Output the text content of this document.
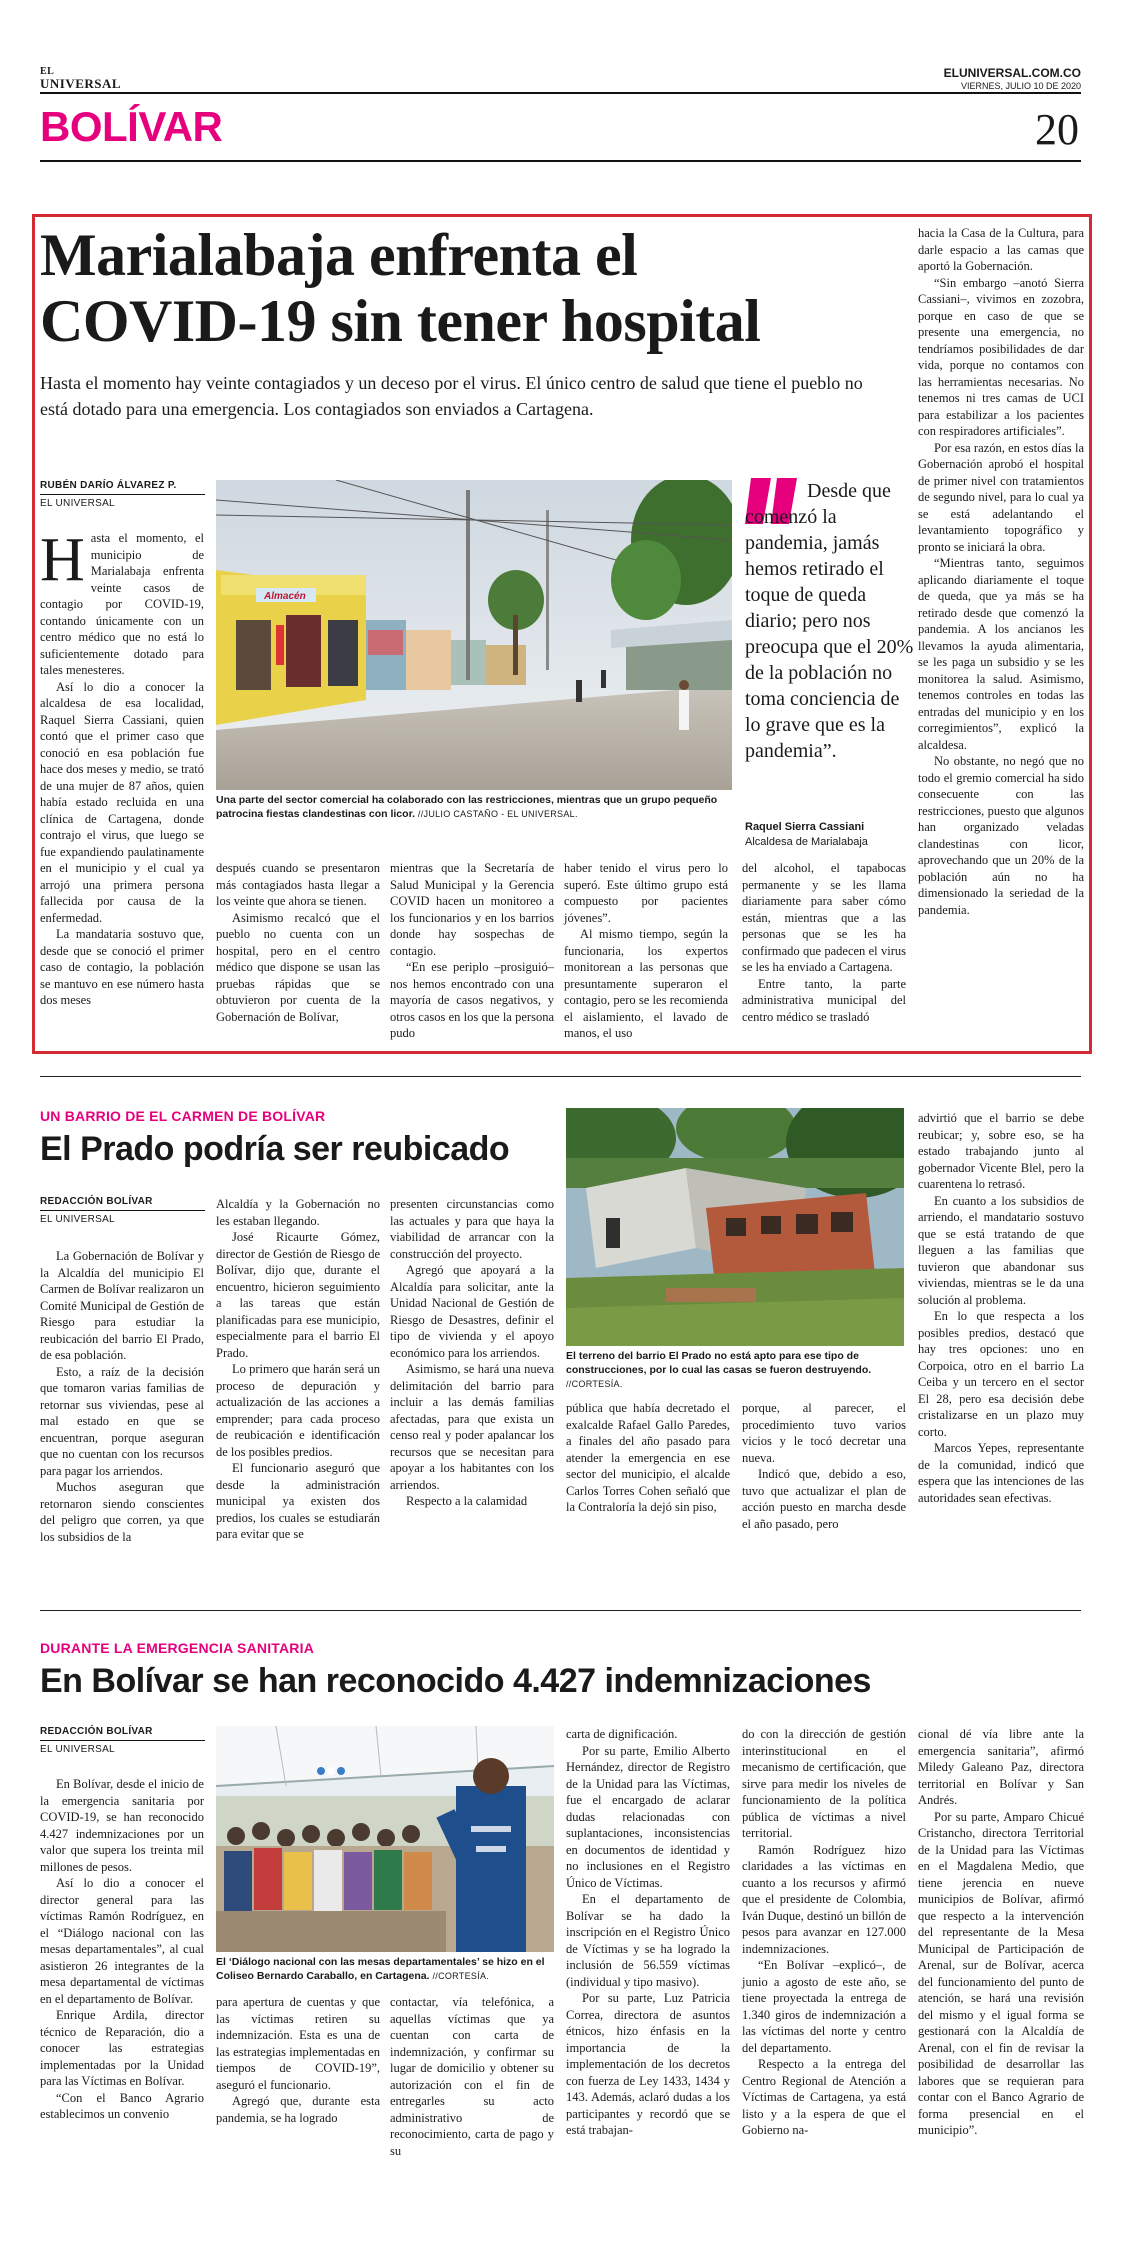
EL
UNIVERSAL
ELUNIVERSAL.COM.CO
VIERNES, JULIO 10 DE 2020
BOLÍVAR	20
Marialabaja enfrenta el
COVID-19 sin tener hospital

Hasta el momento hay veinte contagiados y un deceso por el virus. El único centro de salud que tiene el pueblo no está dotado para una emergencia. Los contagiados son enviados a Cartagena.

RUBÉN DARÍO ÁLVAREZ P.
EL UNIVERSAL

Hasta el momento, el municipio de Marialabaja enfrenta veinte casos de contagio por COVID-19, contando únicamente con un centro médico que no está lo suficientemente dotado para tales menesteres.

Así lo dio a conocer la alcaldesa de esa localidad, Raquel Sierra Cassiani, quien contó que el primer caso que conoció en esa población fue hace dos meses y medio, se trató de una mujer de 87 años, quien había estado recluida en una clínica de Cartagena, donde contrajo el virus, que luego se fue expandiendo paulatinamente en el municipio y el cual ya arrojó una primera persona fallecida por causa de la enfermedad.

La mandataria sostuvo que, desde que se conoció el primer caso de contagio, la población se mantuvo en ese número hasta dos meses

Almacén
Una parte del sector comercial ha colaborado con las restricciones, mientras que un grupo pequeño patrocina fiestas clandestinas con licor. //JULIO CASTAÑO - EL UNIVERSAL.
Desde que comenzó la pandemia, jamás hemos retirado el toque de queda diario; pero nos preocupa que el 20% de la población no toma conciencia de lo grave que es la pandemia”.
Raquel Sierra Cassiani
Alcaldesa de Marialabaja

después cuando se presentaron más contagiados hasta llegar a los veinte que ahora se tienen.

Asimismo recalcó que el pueblo no cuenta con un hospital, pero en el centro médico que dispone se usan las pruebas rápidas que se obtuvieron por cuenta de la Gobernación de Bolívar,

mientras que la Secretaría de Salud Municipal y la Gerencia COVID hacen un monitoreo a los funcionarios y en los barrios donde hay sospechas de contagio.

“En ese periplo –prosiguió– nos hemos encontrado con una mayoría de casos negativos, y otros casos en los que la persona pudo

haber tenido el virus pero lo superó. Este último grupo está compuesto por pacientes jóvenes”.

Al mismo tiempo, según la funcionaria, los expertos monitorean a las personas que presuntamente superaron el contagio, pero se les recomienda el aislamiento, el lavado de manos, el uso

del alcohol, el tapabocas permanente y se les llama diariamente para saber cómo están, mientras que a las personas que se les ha confirmado que padecen el virus se les ha enviado a Cartagena.

Entre tanto, la parte administrativa municipal del centro médico se trasladó

hacia la Casa de la Cultura, para darle espacio a las camas que aportó la Gobernación.

“Sin embargo –anotó Sierra Cassiani–, vivimos en zozobra, porque en caso de que se presente una emergencia, no tendríamos posibilidades de dar vida, porque no contamos con las herramientas necesarias. No tenemos ni tres camas de UCI para estabilizar a los pacientes con respiradores artificiales”.

Por esa razón, en estos días la Gobernación aprobó el hospital de primer nivel con tratamientos de segundo nivel, para lo cual ya se está adelantando el levantamiento topográfico y pronto se iniciará la obra.

“Mientras tanto, seguimos aplicando diariamente el toque de queda, que ya más se ha retirado desde que comenzó la pandemia. A los ancianos les llevamos la ayuda alimentaria, se les paga un subsidio y se les monitorea la salud. Asimismo, tenemos controles en todas las entradas del municipio y en los corregimientos”, explicó la alcaldesa.

No obstante, no negó que no todo el gremio comercial ha sido consecuente con las restricciones, puesto que algunos han organizado veladas clandestinas con licor, aprovechando que un 20% de la población aún no ha dimensionado la seriedad de la pandemia.

UN BARRIO DE EL CARMEN DE BOLÍVAR
El Prado podría ser reubicado
REDACCIÓN BOLÍVAR
EL UNIVERSAL

La Gobernación de Bolívar y la Alcaldía del municipio El Carmen de Bolívar realizaron un Comité Municipal de Gestión de Riesgo para estudiar la reubicación del barrio El Prado, de esa población.

Esto, a raíz de la decisión que tomaron varias familias de retornar sus viviendas, pese al mal estado en que se encuentran, porque aseguran que no cuentan con los recursos para pagar los arriendos.

Muchos aseguran que retornaron siendo conscientes del peligro que corren, ya que los subsidios de la

Alcaldía y la Gobernación no les estaban llegando.

José Ricaurte Gómez, director de Gestión de Riesgo de Bolívar, dijo que, durante el encuentro, hicieron seguimiento a las tareas que están planificadas para ese municipio, especialmente para el barrio El Prado.

Lo primero que harán será un proceso de depuración y actualización de las acciones a emprender; para cada proceso de reubicación e identificación de los posibles predios.

El funcionario aseguró que desde la administración municipal ya existen dos predios, los cuales se estudiarán para evitar que se

presenten circunstancias como las actuales y para que haya la viabilidad de arrancar con la construcción del proyecto.

Agregó que apoyará a la Alcaldía para solicitar, ante la Unidad Nacional de Gestión de Riesgo de Desastres, definir el tipo de vivienda y el apoyo económico para los arriendos.

Asimismo, se hará una nueva delimitación del barrio para incluir a las demás familias afectadas, para que exista un censo real y poder apalancar los recursos que se necesitan para apoyar a los habitantes con los arriendos.

Respecto a la calamidad

El terreno del barrio El Prado no está apto para ese tipo de construcciones, por lo cual las casas se fueron destruyendo.
//CORTESÍA.

pública que había decretado el exalcalde Rafael Gallo Paredes, a finales del año pasado para atender la emergencia en ese sector del municipio, el alcalde Carlos Torres Cohen señaló que la Contraloría la dejó sin piso,

porque, al parecer, el procedimiento tuvo varios vicios y le tocó decretar una nueva.

Indicó que, debido a eso, tuvo que actualizar el plan de acción puesto en marcha desde el año pasado, pero

advirtió que el barrio se debe reubicar; y, sobre eso, se ha estado trabajando junto al gobernador Vicente Blel, pero la cuarentena lo retrasó.

En cuanto a los subsidios de arriendo, el mandatario sostuvo que se está tratando de que lleguen a las familias que tuvieron que abandonar sus viviendas, mientras se le da una solución al problema.

En lo que respecta a los posibles predios, destacó que hay tres opciones: uno en Corpoica, otro en el barrio La Ceiba y un tercero en el sector El 28, pero esa decisión debe cristalizarse en un plazo muy corto.

Marcos Yepes, representante de la comunidad, indicó que espera que las intenciones de las autoridades sean efectivas.

DURANTE LA EMERGENCIA SANITARIA
En Bolívar se han reconocido 4.427 indemnizaciones
REDACCIÓN BOLÍVAR
EL UNIVERSAL

En Bolívar, desde el inicio de la emergencia sanitaria por COVID-19, se han reconocido 4.427 indemnizaciones por un valor que supera los treinta mil millones de pesos.

Así lo dio a conocer el director general para las víctimas Ramón Rodríguez, en el “Diálogo nacional con las mesas departamentales”, al cual asistieron 26 integrantes de la mesa departamental de víctimas en el departamento de Bolívar.

Enrique Ardila, director técnico de Reparación, dio a conocer las estrategias implementadas por la Unidad para las Víctimas en Bolívar.

“Con el Banco Agrario establecimos un convenio

El ‘Diálogo nacional con las mesas departamentales’ se hizo en el Coliseo Bernardo Caraballo, en Cartagena. //CORTESÍA.

para apertura de cuentas y que las víctimas retiren su indemnización. Esta es una de las estrategias implementadas en tiempos de COVID-19”, aseguró el funcionario.

Agregó que, durante esta pandemia, se ha logrado

contactar, vía telefónica, a aquellas víctimas que ya cuentan con carta de indemnización, y confirmar su lugar de domicilio y obtener su autorización con el fin de entregarles su acto administrativo de reconocimiento, carta de pago y su

carta de dignificación.

Por su parte, Emilio Alberto Hernández, director de Registro de la Unidad para las Víctimas, fue el encargado de aclarar dudas relacionadas con suplantaciones, inconsistencias en documentos de identidad y no inclusiones en el Registro Único de Víctimas.

En el departamento de Bolívar se ha dado la inscripción en el Registro Único de Víctimas y se ha logrado la inclusión de 56.559 víctimas (individual y tipo masivo).

Por su parte, Luz Patricia Correa, directora de asuntos étnicos, hizo énfasis en la importancia de la implementación de los decretos con fuerza de Ley 1433, 1434 y 143. Además, aclaró dudas a los participantes y recordó que se está trabajan-

do con la dirección de gestión interinstitucional en el mecanismo de certificación, que sirve para medir los niveles de funcionamiento de la política pública de víctimas a nivel territorial.

Ramón Rodríguez hizo claridades a las víctimas en cuanto a los recursos y afirmó que el presidente de Colombia, Iván Duque, destinó un billón de pesos para avanzar en 127.000 indemnizaciones.

“En Bolívar –explicó–, de junio a agosto de este año, se tiene proyectada la entrega de 1.340 giros de indemnización a las víctimas del norte y centro del departamento.

Respecto a la entrega del Centro Regional de Atención a Víctimas de Cartagena, ya está listo y a la espera de que el Gobierno na-

cional dé vía libre ante la emergencia sanitaria”, afirmó Miledy Galeano Paz, directora territorial en Bolívar y San Andrés.

Por su parte, Amparo Chicué Cristancho, directora Territorial de la Unidad para las Víctimas en el Magdalena Medio, que tiene jerencia en nueve municipios de Bolívar, afirmó que respecto a la intervención del representante de la Mesa Municipal de Participación de Arenal, sur de Bolívar, acerca del funcionamiento del punto de atención, se hará una revisión del mismo y el igual forma se gestionará con la Alcaldía de Arenal, con el fin de revisar la posibilidad de desarrollar las labores que se requieran para contar con el Banco Agrario de forma presencial en el municipio”.
